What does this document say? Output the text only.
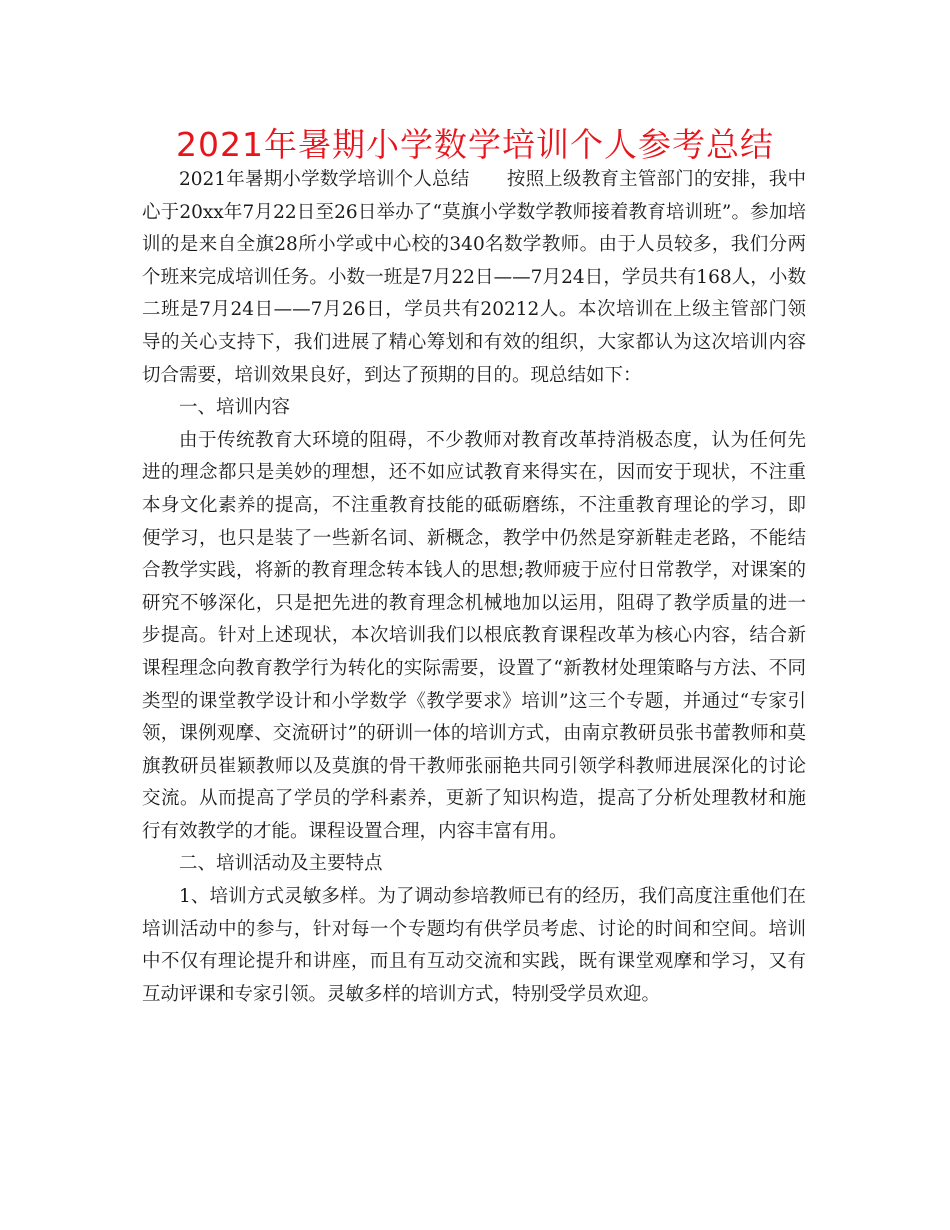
2021年暑期小学数学培训个人参考总结

2021年暑期小学数学培训个人总结　　按照上级教育主管部门的安排，我中心于20xx年7月22日至26日举办了“莫旗小学数学教师接着教育培训班”。参加培训的是来自全旗28所小学或中心校的340名数学教师。由于人员较多，我们分两个班来完成培训任务。小数一班是7月22日——7月24日，学员共有168人，小数二班是7月24日——7月26日，学员共有20212人。本次培训在上级主管部门领导的关心支持下，我们进展了精心筹划和有效的组织，大家都认为这次培训内容切合需要，培训效果良好，到达了预期的目的。现总结如下：

一、培训内容

由于传统教育大环境的阻碍，不少教师对教育改革持消极态度，认为任何先进的理念都只是美妙的理想，还不如应试教育来得实在，因而安于现状，不注重本身文化素养的提高，不注重教育技能的砥砺磨练，不注重教育理论的学习，即便学习，也只是装了一些新名词、新概念，教学中仍然是穿新鞋走老路，不能结合教学实践，将新的教育理念转本钱人的思想;教师疲于应付日常教学，对课案的研究不够深化，只是把先进的教育理念机械地加以运用，阻碍了教学质量的进一步提高。针对上述现状，本次培训我们以根底教育课程改革为核心内容，结合新课程理念向教育教学行为转化的实际需要，设置了“新教材处理策略与方法、不同类型的课堂教学设计和小学数学《教学要求》培训”这三个专题，并通过“专家引领，课例观摩、交流研讨”的研训一体的培训方式，由南京教研员张书蕾教师和莫旗教研员崔颖教师以及莫旗的骨干教师张丽艳共同引领学科教师进展深化的讨论交流。从而提高了学员的学科素养，更新了知识构造，提高了分析处理教材和施行有效教学的才能。课程设置合理，内容丰富有用。

二、培训活动及主要特点

1、培训方式灵敏多样。为了调动参培教师已有的经历，我们高度注重他们在培训活动中的参与，针对每一个专题均有供学员考虑、讨论的时间和空间。培训中不仅有理论提升和讲座，而且有互动交流和实践，既有课堂观摩和学习，又有互动评课和专家引领。灵敏多样的培训方式，特别受学员欢迎。
